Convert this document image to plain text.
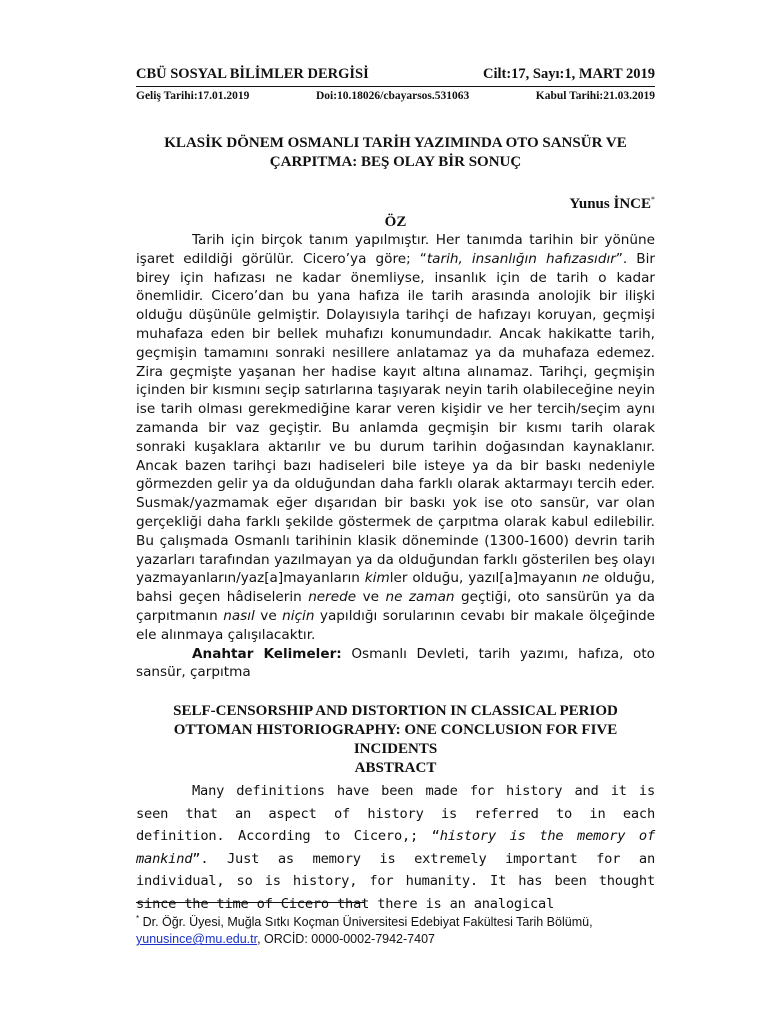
CBÜ SOSYAL BİLİMLER DERGİSİ	Cilt:17, Sayı:1, MART 2019
Geliş Tarihi:17.01.2019	Doi:10.18026/cbayarsos.531063	Kabul Tarihi:21.03.2019
KLASİK DÖNEM OSMANLI TARİH YAZIMINDA OTO SANSÜR VE
ÇARPITMA: BEŞ OLAY BİR SONUÇ
Yunus İNCE*
ÖZ

Tarih için birçok tanım yapılmıştır. Her tanımda tarihin bir yönüne işaret edildiği görülür. Cicero’ya göre; “tarih, insanlığın hafızasıdır”. Bir birey için hafızası ne kadar önemliyse, insanlık için de tarih o kadar önemlidir. Cicero’dan bu yana hafıza ile tarih arasında anolojik bir ilişki olduğu düşünüle gelmiştir. Dolayısıyla tarihçi de hafızayı koruyan, geçmişi muhafaza eden bir bellek muhafızı konumundadır. Ancak hakikatte tarih, geçmişin tamamını sonraki nesillere anlatamaz ya da muhafaza edemez. Zira geçmişte yaşanan her hadise kayıt altına alınamaz. Tarihçi, geçmişin içinden bir kısmını seçip satırlarına taşıyarak neyin tarih olabileceğine neyin ise tarih olması gerekmediğine karar veren kişidir ve her tercih/seçim aynı zamanda bir vaz geçiştir. Bu anlamda geçmişin bir kısmı tarih olarak sonraki kuşaklara aktarılır ve bu durum tarihin doğasından kaynaklanır. Ancak bazen tarihçi bazı hadiseleri bile isteye ya da bir baskı nedeniyle görmezden gelir ya da olduğundan daha farklı olarak aktarmayı tercih eder. Susmak/yazmamak eğer dışarıdan bir baskı yok ise oto sansür, var olan gerçekliği daha farklı şekilde göstermek de çarpıtma olarak kabul edilebilir. Bu çalışmada Osmanlı tarihinin klasik döneminde (1300-1600) devrin tarih yazarları tarafından yazılmayan ya da olduğundan farklı gösterilen beş olayı yazmayanların/yaz[a]mayanların kimler olduğu, yazıl[a]mayanın ne olduğu, bahsi geçen hâdiselerin nerede ve ne zaman geçtiği, oto sansürün ya da çarpıtmanın nasıl ve niçin yapıldığı sorularının cevabı bir makale ölçeğinde ele alınmaya çalışılacaktır.

Anahtar Kelimeler: Osmanlı Devleti, tarih yazımı, hafıza, oto sansür, çarpıtma

SELF-CENSORSHIP AND DISTORTION IN CLASSICAL PERIOD
OTTOMAN HISTORIOGRAPHY: ONE CONCLUSION FOR FIVE
INCIDENTS
ABSTRACT

Many definitions have been made for history and it is seen that an aspect of history is referred to in each definition. According to Cicero,; “history is the memory of mankind”. Just as memory is extremely important for an individual, so is history, for humanity. It has been thought since the time of Cicero that there is an analogical

* Dr. Öğr. Üyesi, Muğla Sıtkı Koçman Üniversitesi Edebiyat Fakültesi Tarih Bölümü,
yunusince@mu.edu.tr, ORCİD: 0000-0002-7942-7407
